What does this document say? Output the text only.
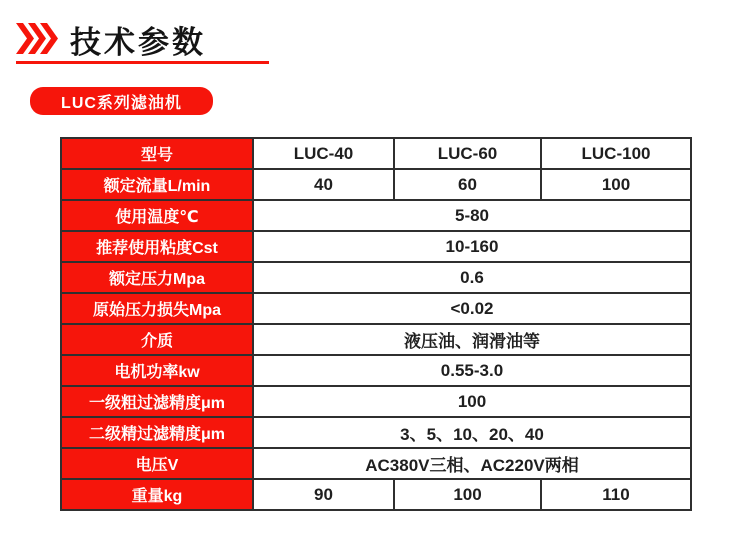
技术参数
LUC系列滤油机
型号	LUC-40	LUC-60	LUC-100
额定流量L/min	40	60	100
使用温度℃	5-80		
推荐使用粘度Cst	10-160		
额定压力Mpa	0.6		
原始压力损失Mpa	<0.02		
介质	液压油、润滑油等		
电机功率kw	0.55-3.0		
一级粗过滤精度μm	100		
二级精过滤精度μm	3、5、10、20、40		
电压V	AC380V三相、AC220V两相		
重量kg	90	100	110
